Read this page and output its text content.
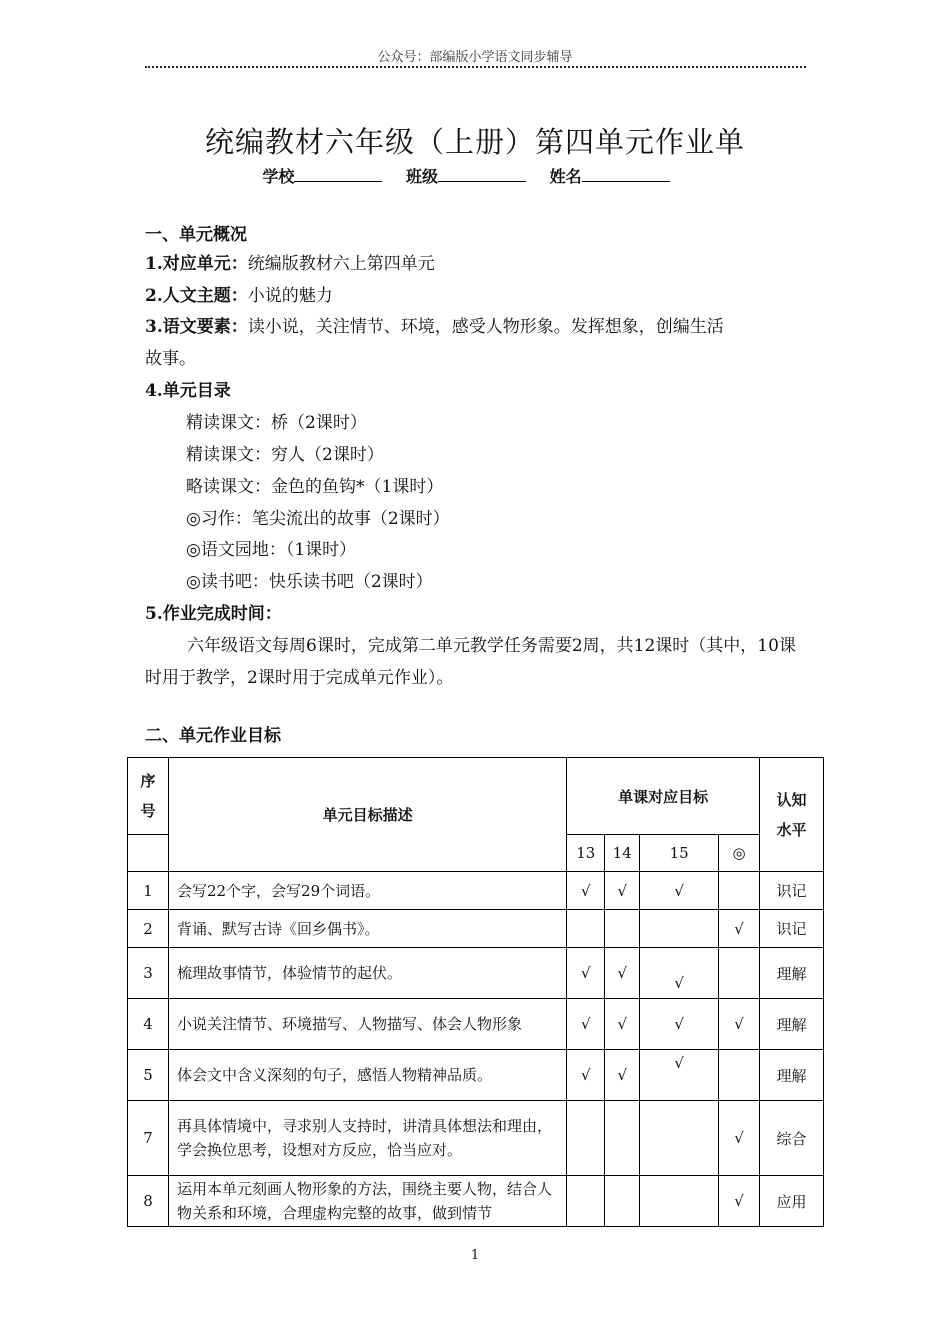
公众号：部编版小学语文同步辅导
统编教材六年级（上册）第四单元作业单
学校	班级	姓名
一、单元概况
1.对应单元：统编版教材六上第四单元
2.人文主题：小说的魅力
3.语文要素：读小说，关注情节、环境，感受人物形象。发挥想象，创编生活
故事。
4.单元目录
精读课文：桥（2课时）
精读课文：穷人（2课时）
略读课文：金色的鱼钩*（1课时）
◎习作：笔尖流出的故事（2课时）
◎语文园地：（1课时）
◎读书吧：快乐读书吧（2课时）
5.作业完成时间：
六年级语文每周6课时，完成第二单元教学任务需要2周，共12课时（其中，10课时用于教学，2课时用于完成单元作业）。
二、单元作业目标
序号	单元目标描述	单课对应目标				认知水平
		13	14	15	◎	
1	会写22个字，会写29个词语。	√	√	√		识记
2	背诵、默写古诗《回乡偶书》。				√	识记
3	梳理故事情节，体验情节的起伏。	√	√	√		理解
4	小说关注情节、环境描写、人物描写、体会人物形象	√	√	√	√	理解
5	体会文中含义深刻的句子，感悟人物精神品质。	√	√	√		理解
7	再具体情境中，寻求别人支持时，讲清具体想法和理由，学会换位思考，设想对方反应，恰当应对。				√	综合
8	运用本单元刻画人物形象的方法，围绕主要人物，结合人物关系和环境，合理虚构完整的故事，做到情节				√	应用
1
